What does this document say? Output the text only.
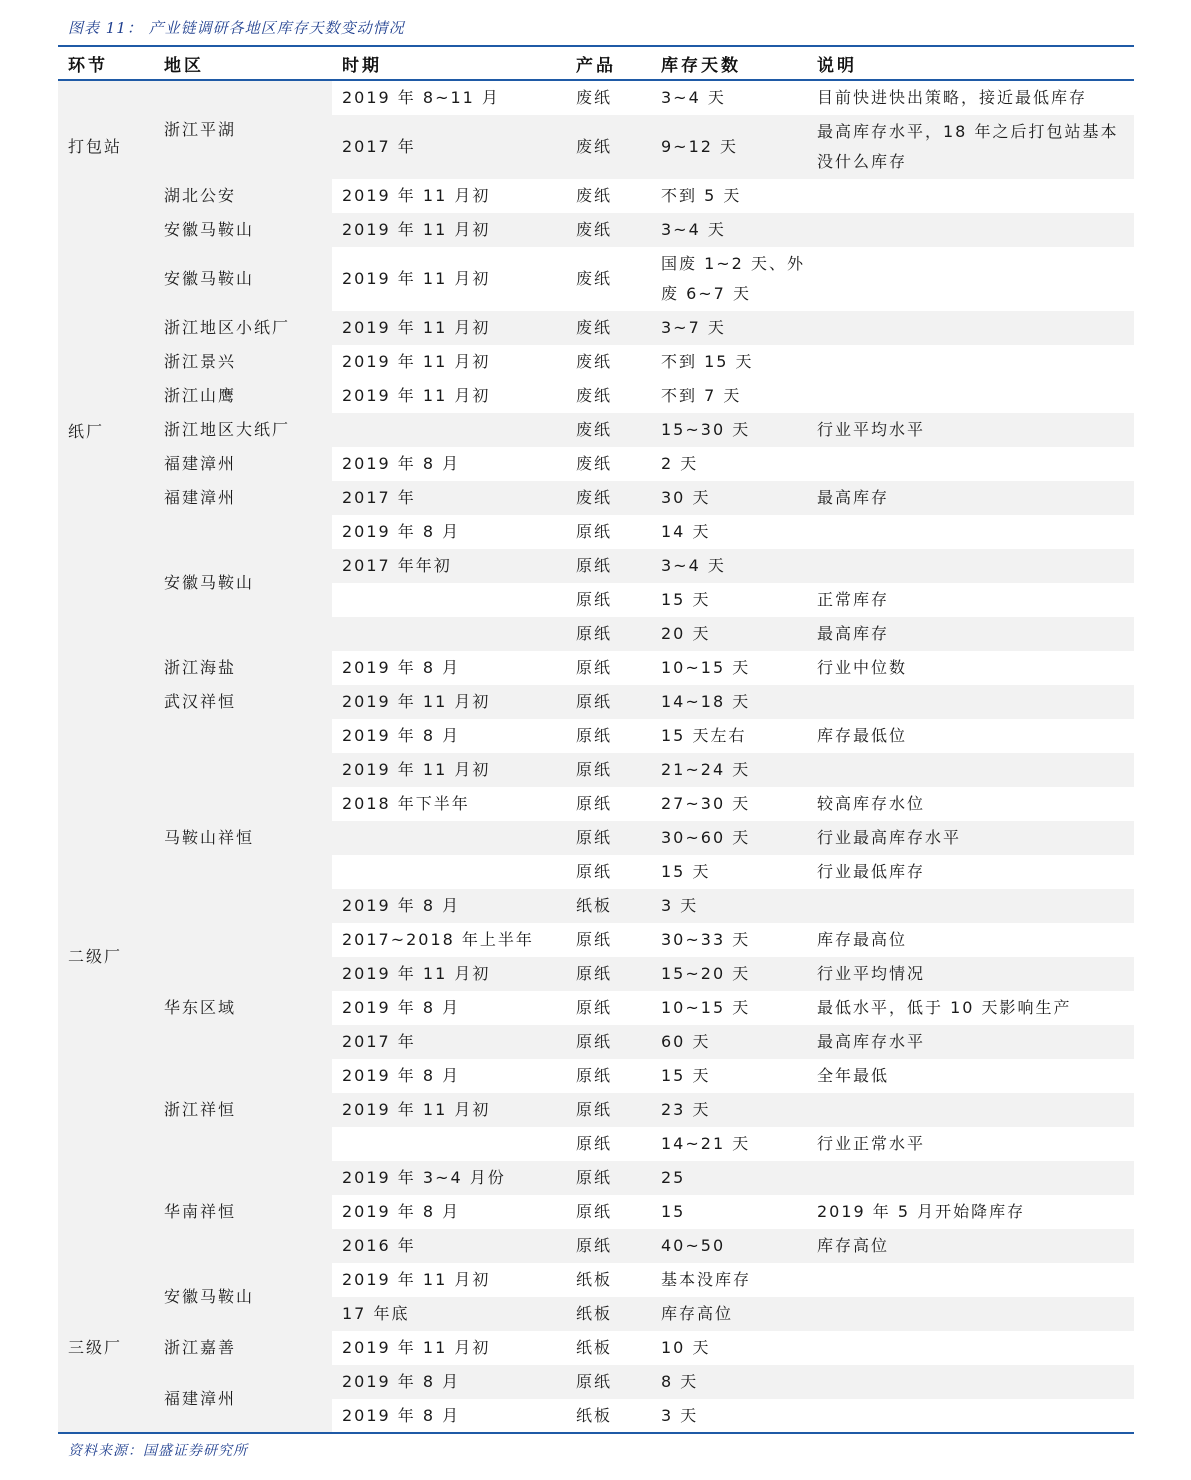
图表 11： 产业链调研各地区库存天数变动情况
环节	地区	时期	产品	库存天数	说明
打包站	浙江平湖	2019 年 8~11 月	废纸	3~4 天	目前快进快出策略，接近最低库存
		2017 年	废纸	9~12 天	最高库存水平，18 年之后打包站基本没什么库存
	湖北公安	2019 年 11 月初	废纸	不到 5 天	
纸厂	安徽马鞍山	2019 年 11 月初	废纸	3~4 天	
	安徽马鞍山	2019 年 11 月初	废纸	国废 1~2 天、外废 6~7 天	
	浙江地区小纸厂	2019 年 11 月初	废纸	3~7 天	
	浙江景兴	2019 年 11 月初	废纸	不到 15 天	
	浙江山鹰	2019 年 11 月初	废纸	不到 7 天	
	浙江地区大纸厂		废纸	15~30 天	行业平均水平
	福建漳州	2019 年 8 月	废纸	2 天	
	福建漳州	2017 年	废纸	30 天	最高库存
	安徽马鞍山	2019 年 8 月	原纸	14 天	
		2017 年年初	原纸	3~4 天	
			原纸	15 天	正常库存
			原纸	20 天	最高库存
二级厂	浙江海盐	2019 年 8 月	原纸	10~15 天	行业中位数
	武汉祥恒	2019 年 11 月初	原纸	14~18 天	
	马鞍山祥恒	2019 年 8 月	原纸	15 天左右	库存最低位
		2019 年 11 月初	原纸	21~24 天	
		2018 年下半年	原纸	27~30 天	较高库存水位
			原纸	30~60 天	行业最高库存水平
			原纸	15 天	行业最低库存
		2019 年 8 月	纸板	3 天	
		2017~2018 年上半年	原纸	30~33 天	库存最高位
	华东区域	2019 年 11 月初	原纸	15~20 天	行业平均情况
		2019 年 8 月	原纸	10~15 天	最低水平，低于 10 天影响生产
		2017 年	原纸	60 天	最高库存水平
	浙江祥恒	2019 年 8 月	原纸	15 天	全年最低
		2019 年 11 月初	原纸	23 天	
			原纸	14~21 天	行业正常水平
	华南祥恒	2019 年 3~4 月份	原纸	25	
		2019 年 8 月	原纸	15	2019 年 5 月开始降库存
		2016 年	原纸	40~50	库存高位
三级厂	安徽马鞍山	2019 年 11 月初	纸板	基本没库存	
		17 年底	纸板	库存高位	
	浙江嘉善	2019 年 11 月初	纸板	10 天	
	福建漳州	2019 年 8 月	原纸	8 天	
		2019 年 8 月	纸板	3 天	
资料来源：国盛证券研究所
